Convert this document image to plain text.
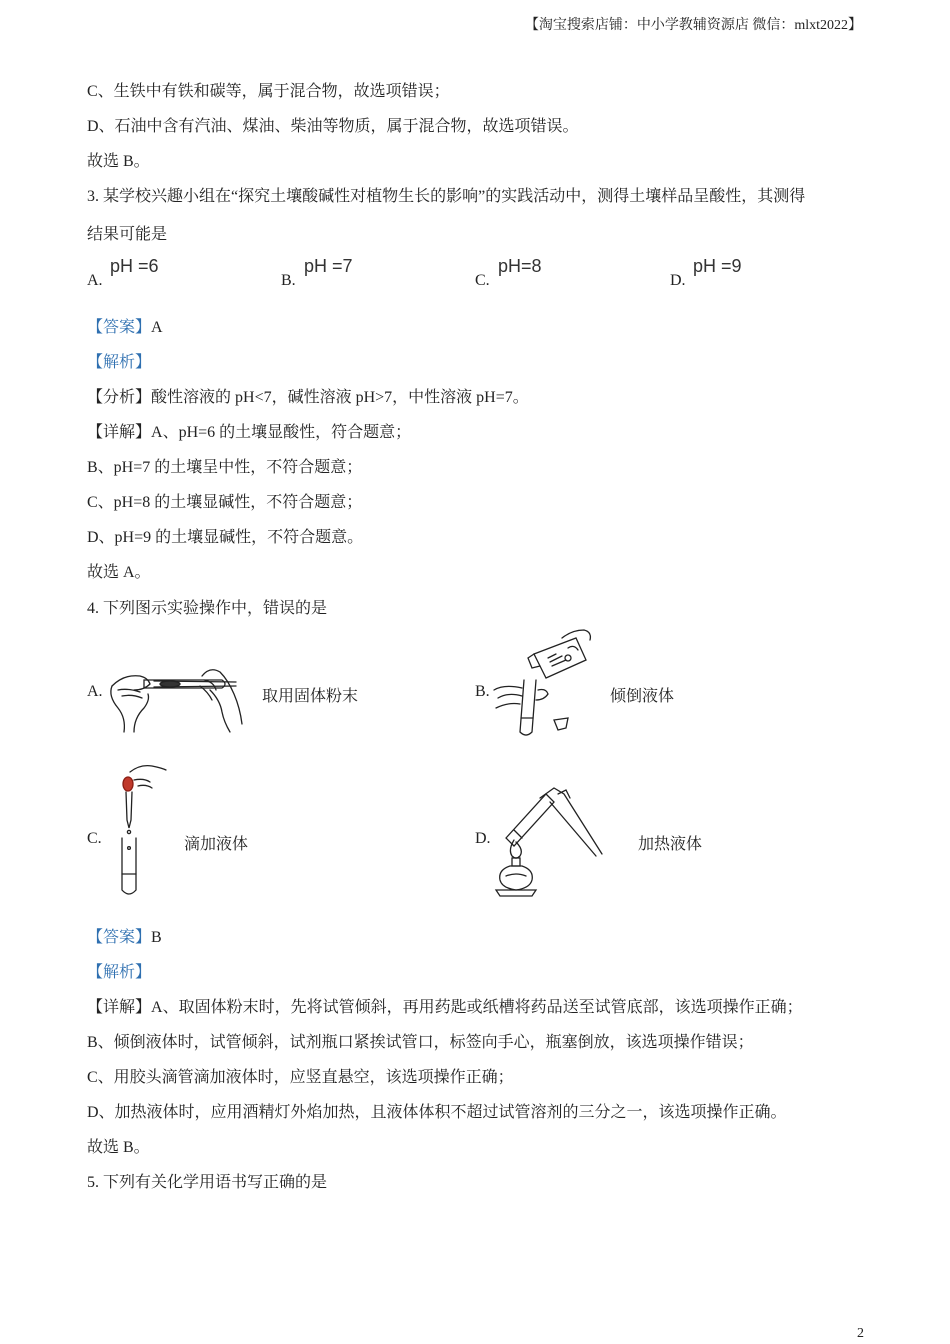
【淘宝搜索店铺：中小学教辅资源店 微信：mlxt2022】
C、生铁中有铁和碳等，属于混合物，故选项错误；
D、石油中含有汽油、煤油、柴油等物质，属于混合物，故选项错误。
故选 B。
3. 某学校兴趣小组在“探究土壤酸碱性对植物生长的影响”的实践活动中，测得土壤样品呈酸性，其测得
结果可能是
A.
pH =6
B.
pH =7
C.
pH=8
D.
pH =9
【答案】A
【解析】
【分析】酸性溶液的 pH<7，碱性溶液 pH>7，中性溶液 pH=7。
【详解】A、pH=6 的土壤显酸性，符合题意；
B、pH=7 的土壤呈中性，不符合题意；
C、pH=8 的土壤显碱性，不符合题意；
D、pH=9 的土壤显碱性，不符合题意。
故选 A。
4. 下列图示实验操作中，错误的是
A.	取用固体粉末	B.	倾倒液体
C.	滴加液体	D.	加热液体
【答案】B
【解析】
【详解】A、取固体粉末时，先将试管倾斜，再用药匙或纸槽将药品送至试管底部，该选项操作正确；
B、倾倒液体时，试管倾斜，试剂瓶口紧挨试管口，标签向手心，瓶塞倒放，该选项操作错误；
C、用胶头滴管滴加液体时，应竖直悬空，该选项操作正确；
D、加热液体时，应用酒精灯外焰加热，且液体体积不超过试管溶剂的三分之一，该选项操作正确。
故选 B。
5. 下列有关化学用语书写正确的是
2
